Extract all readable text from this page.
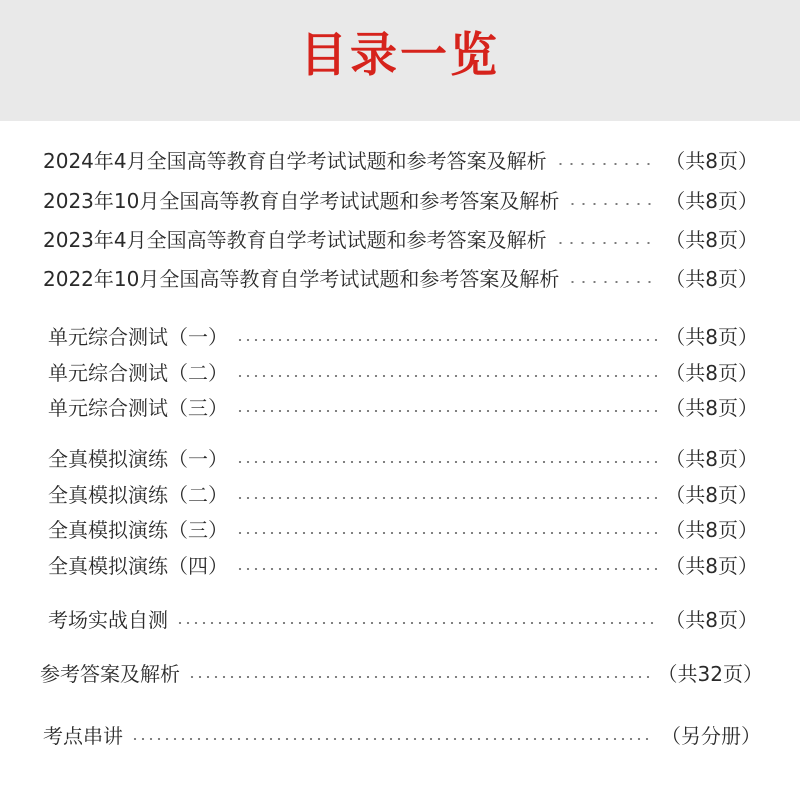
目录一览
2024年4月全国高等教育自学考试试题和参考答案及解析	（共8页）
2023年10月全国高等教育自学考试试题和参考答案及解析	（共8页）
2023年4月全国高等教育自学考试试题和参考答案及解析	（共8页）
2022年10月全国高等教育自学考试试题和参考答案及解析	（共8页）
单元综合测试（一）	（共8页）
单元综合测试（二）	（共8页）
单元综合测试（三）	（共8页）
全真模拟演练（一）	（共8页）
全真模拟演练（二）	（共8页）
全真模拟演练（三）	（共8页）
全真模拟演练（四）	（共8页）
考场实战自测	（共8页）
参考答案及解析	（共32页）
考点串讲	（另分册）
